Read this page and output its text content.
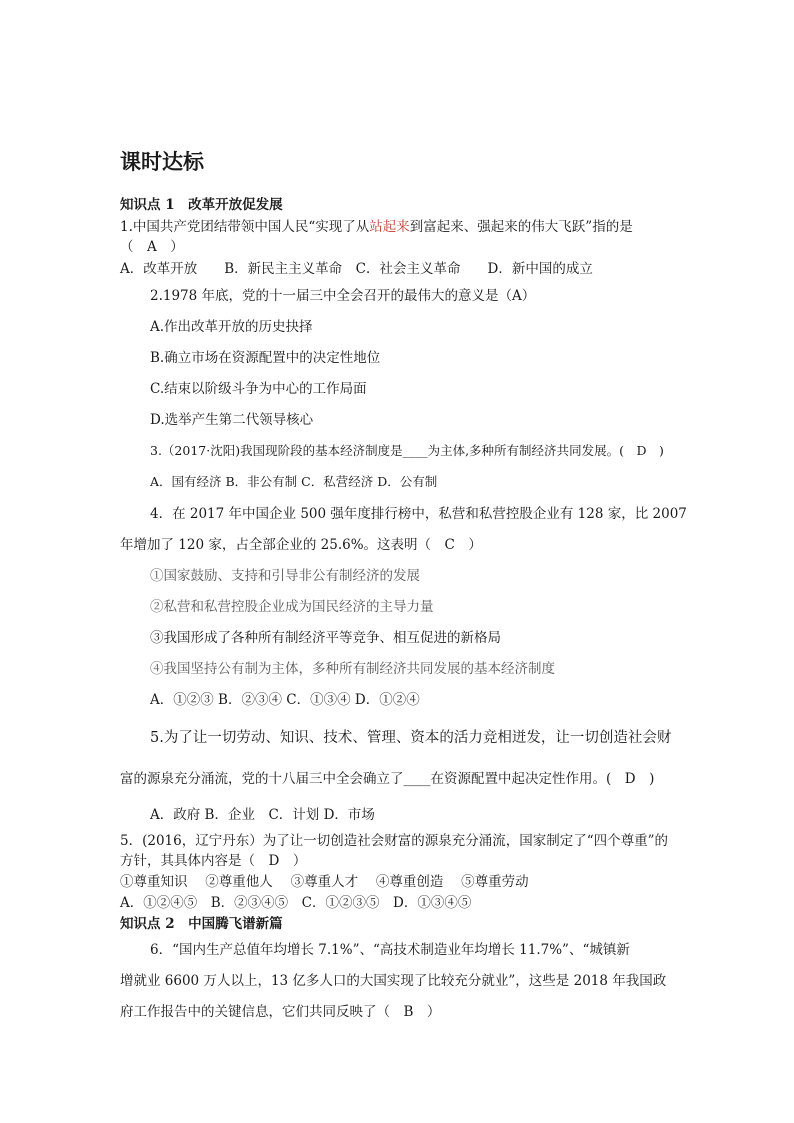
课时达标
知识点 1　改革开放促发展
1.中国共产党团结带领中国人民“实现了从站起来到富起来、强起来的伟大飞跃”指的是
（　A　）
A．改革开放　　B．新民主主义革命　C．社会主义革命　　D．新中国的成立
2.1978 年底，党的十一届三中全会召开的最伟大的意义是（A）
A.作出改革开放的历史抉择
B.确立市场在资源配置中的决定性地位
C.结束以阶级斗争为中心的工作局面
D.选举产生第二代领导核心
3.（2017·沈阳)我国现阶段的基本经济制度是____为主体,多种所有制经济共同发展。(　D　)
A．国有经济 B．非公有制 C．私营经济 D．公有制
4．在 2017 年中国企业 500 强年度排行榜中，私营和私营控股企业有 128 家，比 2007
年增加了 120 家，占全部企业的 25.6%。这表明（　C　）
①国家鼓励、支持和引导非公有制经济的发展
②私营和私营控股企业成为国民经济的主导力量
③我国形成了各种所有制经济平等竞争、相互促进的新格局
④我国坚持公有制为主体，多种所有制经济共同发展的基本经济制度
A．①②③ B．②③④ C．①③④ D．①②④
5.为了让一切劳动、知识、技术、管理、资本的活力竞相迸发，让一切创造社会财
富的源泉充分涌流，党的十八届三中全会确立了____在资源配置中起决定性作用。(　D　)
A．政府 B．企业　C．计划 D．市场
5．(2016，辽宁丹东）为了让一切创造社会财富的源泉充分涌流，国家制定了“四个尊重”的
方针，其具体内容是（　D　）
①尊重知识　 ②尊重他人　 ③尊重人才　 ④尊重创造　 ⑤尊重劳动
A．①②④⑤　B．②③④⑤　C．①②③⑤　D．①③④⑤
知识点 2　中国腾飞谱新篇
6．“国内生产总值年均增长 7.1%”、“高技术制造业年均增长 11.7%”、“城镇新
增就业 6600 万人以上，13 亿多人口的大国实现了比较充分就业”，这些是 2018 年我国政
府工作报告中的关键信息，它们共同反映了（　B　）
